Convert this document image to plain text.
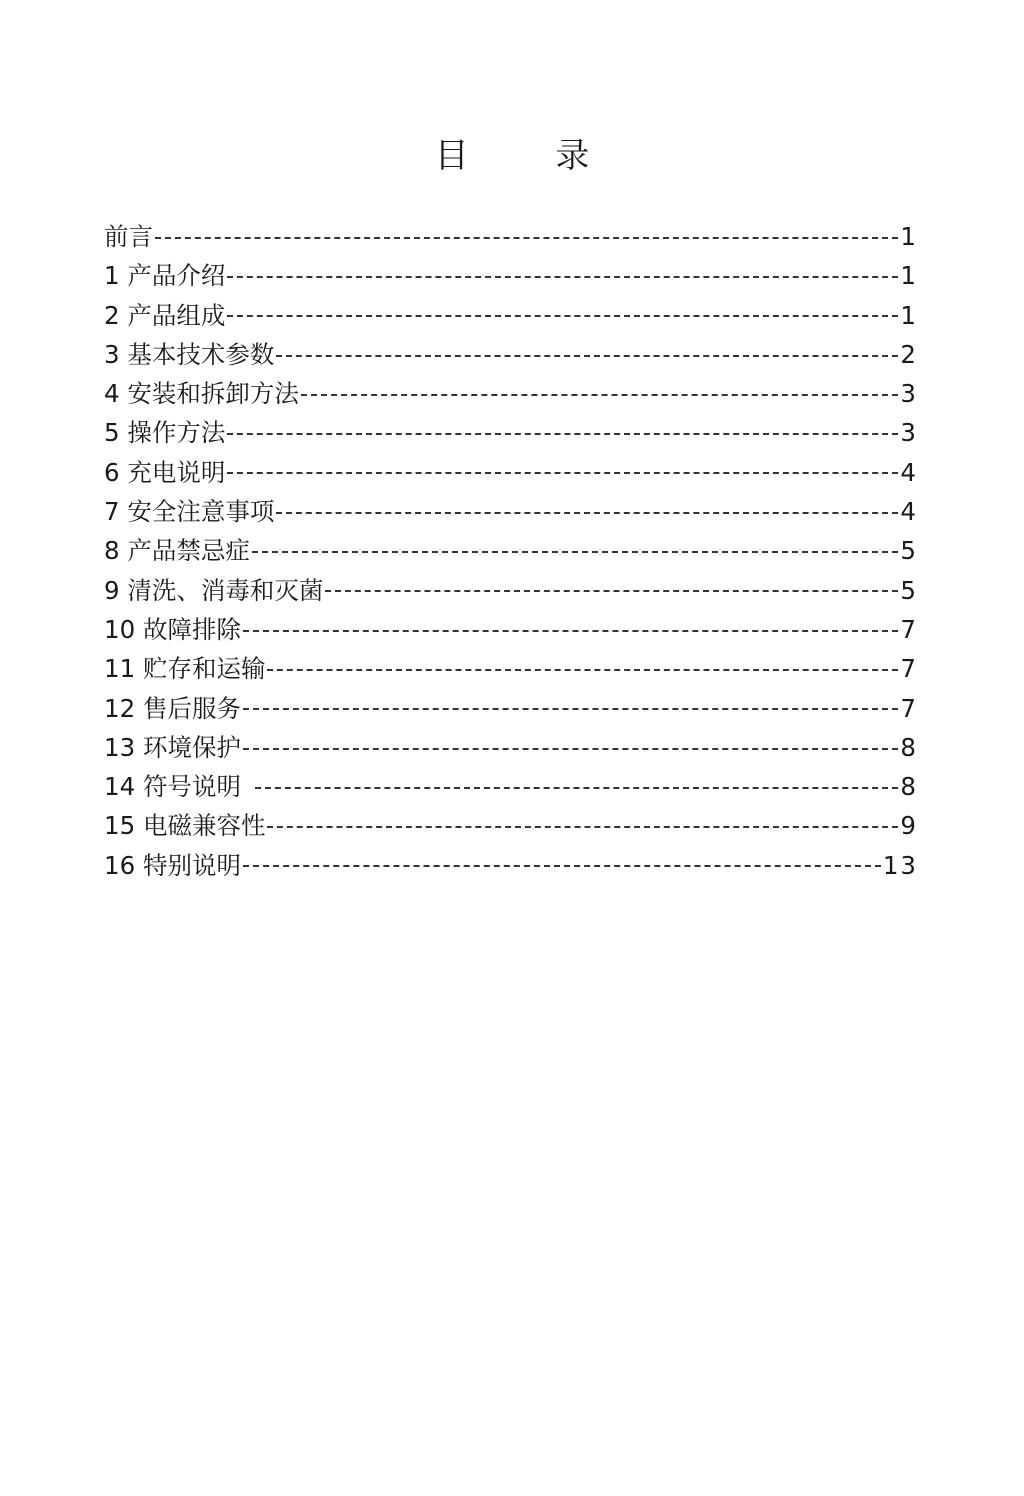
目 录
前言	1
1 产品介绍	1
2 产品组成	1
3 基本技术参数	2
4 安装和拆卸方法	3
5 操作方法	3
6 充电说明	4
7 安全注意事项	4
8 产品禁忌症	5
9 清洗、消毒和灭菌	5
10 故障排除	7
11 贮存和运输	7
12 售后服务	7
13 环境保护	8
14 符号说明	8
15 电磁兼容性	9
16 特别说明	13
